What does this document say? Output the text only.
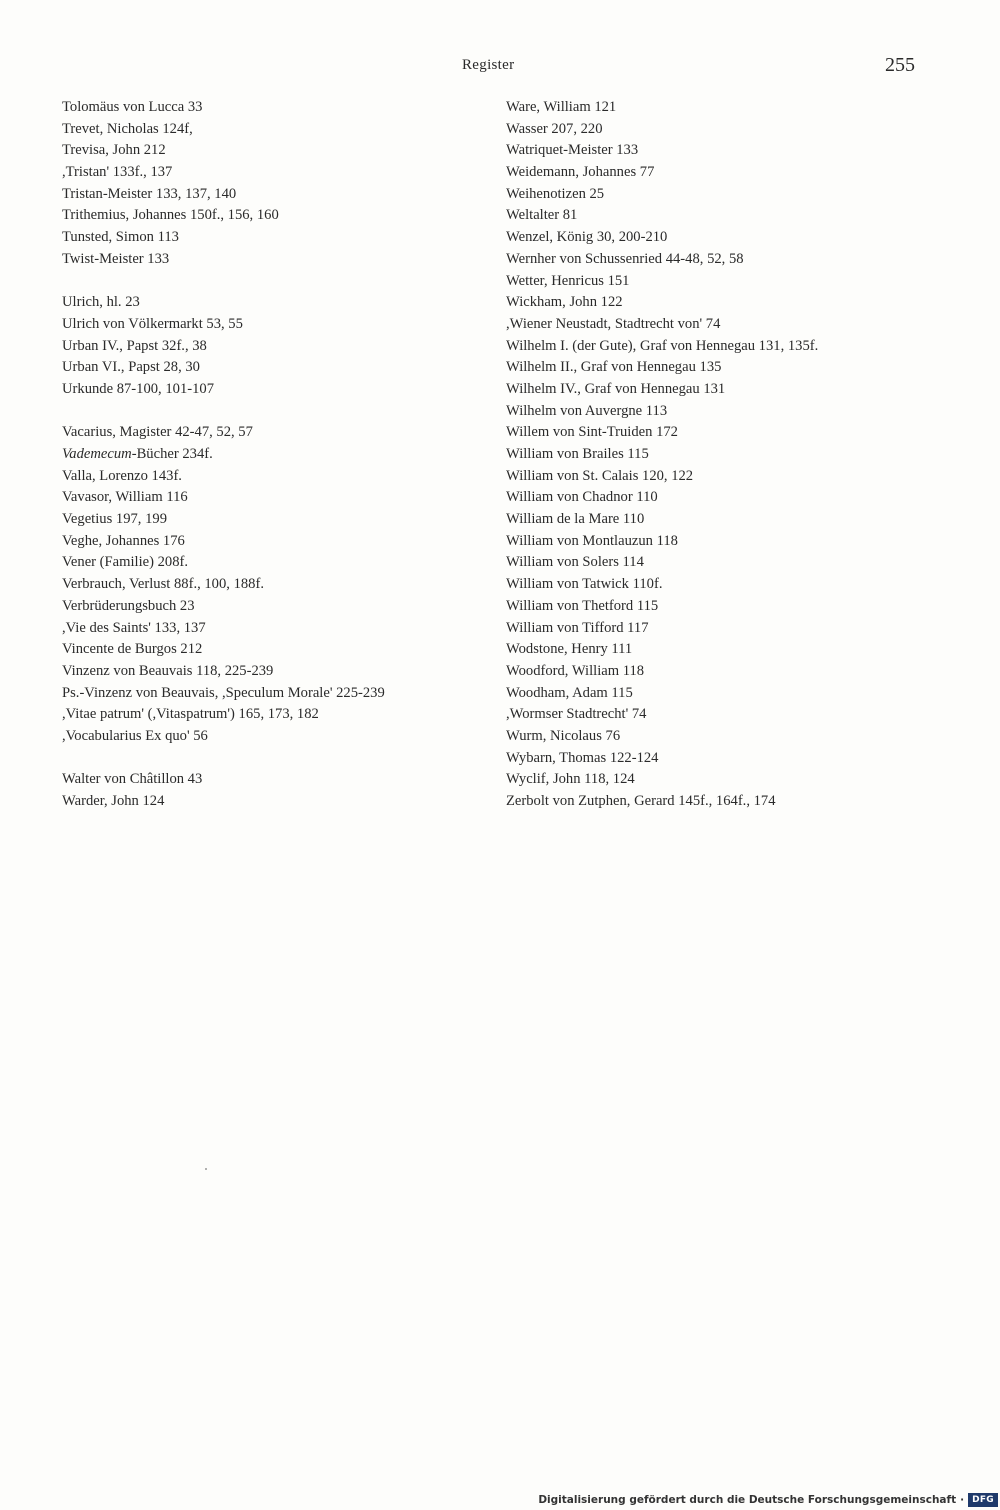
Register	255
Tolomäus von Lucca 33
Trevet, Nicholas 124f,
Trevisa, John 212
,Tristan' 133f., 137
Tristan-Meister 133, 137, 140
Trithemius, Johannes 150f., 156, 160
Tunsted, Simon 113
Twist-Meister 133
Ulrich, hl. 23
Ulrich von Völkermarkt 53, 55
Urban IV., Papst 32f., 38
Urban VI., Papst 28, 30
Urkunde 87-100, 101-107
Vacarius, Magister 42-47, 52, 57
Vademecum-Bücher 234f.
Valla, Lorenzo 143f.
Vavasor, William 116
Vegetius 197, 199
Veghe, Johannes 176
Vener (Familie) 208f.
Verbrauch, Verlust 88f., 100, 188f.
Verbrüderungsbuch 23
,Vie des Saints' 133, 137
Vincente de Burgos 212
Vinzenz von Beauvais 118, 225-239
Ps.-Vinzenz von Beauvais, ,Speculum Morale' 225-239
,Vitae patrum' (,Vitaspatrum') 165, 173, 182
,Vocabularius Ex quo' 56
Walter von Châtillon 43
Warder, John 124
Ware, William 121
Wasser 207, 220
Watriquet-Meister 133
Weidemann, Johannes 77
Weihenotizen 25
Weltalter 81
Wenzel, König 30, 200-210
Wernher von Schussenried 44-48, 52, 58
Wetter, Henricus 151
Wickham, John 122
,Wiener Neustadt, Stadtrecht von' 74
Wilhelm I. (der Gute), Graf von Hennegau 131, 135f.
Wilhelm II., Graf von Hennegau 135
Wilhelm IV., Graf von Hennegau 131
Wilhelm von Auvergne 113
Willem von Sint-Truiden 172
William von Brailes 115
William von St. Calais 120, 122
William von Chadnor 110
William de la Mare 110
William von Montlauzun 118
William von Solers 114
William von Tatwick 110f.
William von Thetford 115
William von Tifford 117
Wodstone, Henry 111
Woodford, William 118
Woodham, Adam 115
,Wormser Stadtrecht' 74
Wurm, Nicolaus 76
Wybarn, Thomas 122-124
Wyclif, John 118, 124
Zerbolt von Zutphen, Gerard 145f., 164f., 174
Digitalisierung gefördert durch die Deutsche Forschungsgemeinschaft · DFG
